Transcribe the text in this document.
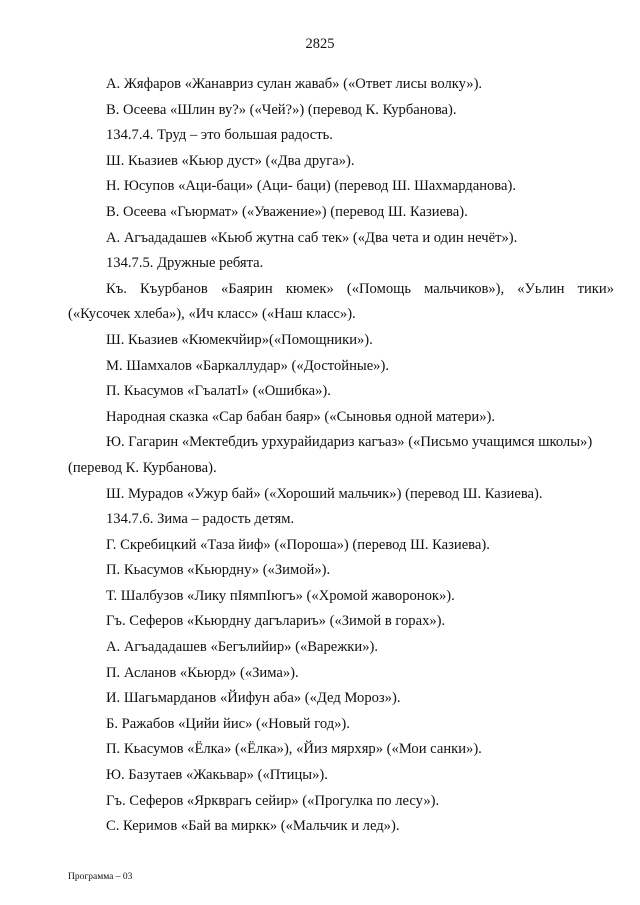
2825
А. Жяфаров «Жанавриз сулан жаваб» («Ответ лисы волку»).
В. Осеева «Шлин ву?» («Чей?») (перевод К. Курбанова).
134.7.4. Труд – это большая радость.
Ш. Кьазиев «Кьюр дуст» («Два друга»).
Н. Юсупов «Аци-баци» (Аци- баци) (перевод Ш. Шахмарданова).
В. Осеева «Гьюрмат» («Уважение») (перевод Ш. Казиева).
А. Агъададашев «Кьюб жутна саб тек» («Два чета и один нечёт»).
134.7.5. Дружные ребята.
Къ. Къурбанов «Баярин кюмек» («Помощь мальчиков»), «Уьлин тики»
(«Кусочек хлеба»), «Ич класс» («Наш класс»).
Ш. Кьазиев «Кюмекчйир»(«Помощники»).
М. Шамхалов «Баркаллудар» («Достойные»).
П. Кьасумов «ГъалатI» («Ошибка»).
Народная сказка «Сар бабан баяр» («Сыновья одной матери»).
Ю. Гагарин «Мектебдиъ урхурайидариз кагъаз» («Письмо учащимся школы»)
(перевод К. Курбанова).
Ш. Мурадов «Ужур бай» («Хороший мальчик») (перевод Ш. Казиева).
134.7.6. Зима – радость детям.
Г. Скребицкий «Таза йиф» («Пороша») (перевод Ш. Казиева).
П. Кьасумов «Кьюрдну» («Зимой»).
Т. Шалбузов «Лику пIямпIюгъ» («Хромой жаворонок»).
Гъ. Сеферов «Кьюрдну дагълариъ» («Зимой в горах»).
А. Агъададашев «Бегълийир» («Варежки»).
П. Асланов «Кьюрд» («Зима»).
И. Шагьмарданов «Йифун аба» («Дед Мороз»).
Б. Ражабов «Цийи йис» («Новый год»).
П. Кьасумов «Ёлка» («Ёлка»), «Йиз мярхяр» («Мои санки»).
Ю. Базутаев «Жакьвар» («Птицы»).
Гъ. Сеферов «Яркврагь сейир» («Прогулка по лесу»).
С. Керимов «Бай ва миркк» («Мальчик и лед»).
Программа – 03
